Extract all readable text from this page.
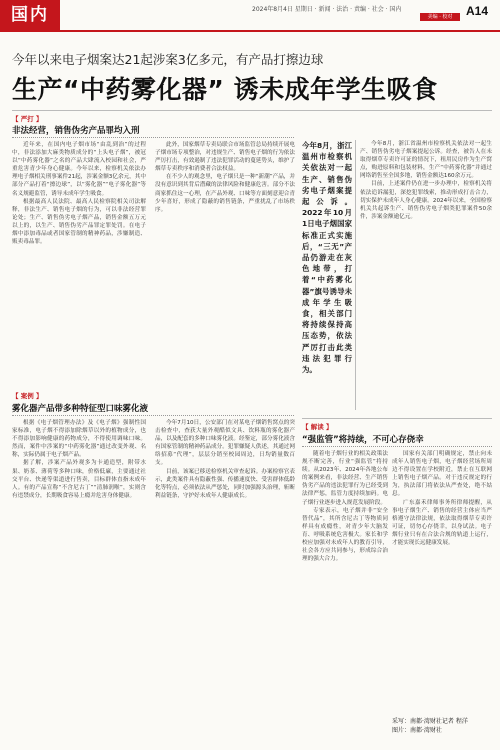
国内	2024年8月4日 星期日 · 新闻 · 法治 · 责编 · 社会 · 国内
美编 · 校对	A14
今年以来电子烟案达21起涉案3亿多元，有产品打擦边球
生产“中药雾化器” 诱未成年学生吸食
【 严打 】
非法经营，销售伪劣产品罪均入刑

近年来，在国内电子烟市场“由乱到治”的过程中，非法添加大麻类物质成分的“上头电子烟”，被冠以“中药雾化器”之名的产品大肆流入校园和社会，严重危害青少年身心健康。今年以来，检察机关依法办理电子烟相关刑事案件21起，涉案金额3亿余元，其中部分产品打着“擦边球”，以“雾化器”“电子雾化器”等名义规避监管，诱导未成年学生吸食。

根据最高人民法院、最高人民检察院相关司法解释，非法生产、销售电子烟的行为，可以非法经营罪论处；生产、销售伪劣电子烟产品，销售金额五万元以上的，以生产、销售伪劣产品罪定罪处罚。在电子烟中添加毒品或者国家管制的精神药品，涉嫌制造、贩卖毒品罪。

此外，国家烟草专卖局联合市场监管总局持续开展电子烟市场专项整治，对违规生产、销售电子烟的行为依法严厉打击，有效遏制了违法犯罪活动的蔓延势头，维护了烟草专卖秩序和消费者合法权益。

在不少人的观念里，电子烟只是一种“新潮”产品，并没有意识到其背后潜藏的法律风险和健康危害。部分不法商家抓住这一心理，在产品外观、口味等方面刻意迎合青少年喜好，形成了隐蔽的销售链条，严重扰乱了市场秩序。

【 案例 】
雾化器产品带多种特征型口味雾化液

根据《电子烟管理办法》及《电子烟》强制性国家标准，电子烟不得添加除烟草以外的植物成分，也不得添加影响健康的药物成分，不得使用调味口味。然而，案件中涉案的“中药雾化器”通过改变外观、名称，实际仍属于电子烟产品。

据了解，涉案产品外观多为卡通造型，附带水果、奶茶、薄荷等多种口味，价格低廉，主要通过社交平台、快递等渠道进行售卖，目标群体直指未成年人。有的产品宣称“不含尼古丁”“清肺润喉”，实则含有违禁成分，长期吸食容易上瘾并危害身体健康。

今年7月10日，公安部门在对某电子烟销售窝点的突击检查中，查获大量外观酷似文具、饮料瓶的雾化器产品，以及配套的多种口味雾化液。经鉴定，部分雾化液含有国家管制的精神药品成分。犯罪嫌疑人供述，其通过网络招募“代理”，层层分销至校园周边，日均销量数百支。

目前，该案已移送检察机关审查起诉。办案检察官表示，此类案件具有隐蔽性强、传播速度快、受害群体低龄化等特点，必须依法从严惩处，同时加强源头治理，斩断利益链条，守护好未成年人健康成长。

今年8月，浙江温州市检察机关依法对一起生产、销售伪劣电子烟案提起公诉。2022年10月1日电子烟国家标准正式实施后，“三无”产品仍游走在灰色地带，打着“中药雾化器”旗号诱导未成年学生吸食，相关部门将持续保持高压态势，依法严厉打击此类违法犯罪行为。

今年8月，浙江省温州市检察机关依法对一起生产、销售伪劣电子烟案提起公诉。经查，被告人在未取得烟草专卖许可证的情况下，租用民房作为生产窝点，购进原料和包装材料，生产“中药雾化器”并通过网络销售至全国多地，销售金额达160余万元。

目前，上述案件仍在进一步办理中，检察机关将依法追诉漏犯，深挖犯罪线索，推动形成打击合力，切实保护未成年人身心健康。2024年以来，全国检察机关共起诉生产、销售伪劣电子烟类犯罪案件50余件，涉案金额逾亿元。

【 解读 】
“强监管”将持续，不可心存侥幸

随着电子烟行业的相关政策法规不断完善，行业“强监管”将持续。从2023年、2024年各地公布的案例来看，非法经营、生产销售伪劣产品的违法犯罪行为已经受到法律严惩，监管力度持续加码。电子烟行业逐步进入规范发展阶段。

专家表示，电子烟并非“安全替代品”，其所含尼古丁等物质同样具有成瘾性，对青少年大脑发育、呼吸系统危害极大。家长和学校应加强对未成年人的教育引导，社会各方应共同参与，形成综合治理的强大合力。

国家有关部门明确规定，禁止向未成年人销售电子烟，电子烟经营场所周边不得设置在学校附近，禁止在互联网上销售电子烟产品。对于违反规定的行为，执法部门将依法从严查处，绝不姑息。

广东嘉禾律师事务所律师提醒，从事电子烟生产、销售的经营主体应当严格遵守法律法规，依法取得烟草专卖许可证，切勿心存侥幸，以身试法。电子烟行业只有在合法合规的轨道上运行，才能实现长远健康发展。

采写：南都·湾财社记者 程洋
图片：南都·湾财社
